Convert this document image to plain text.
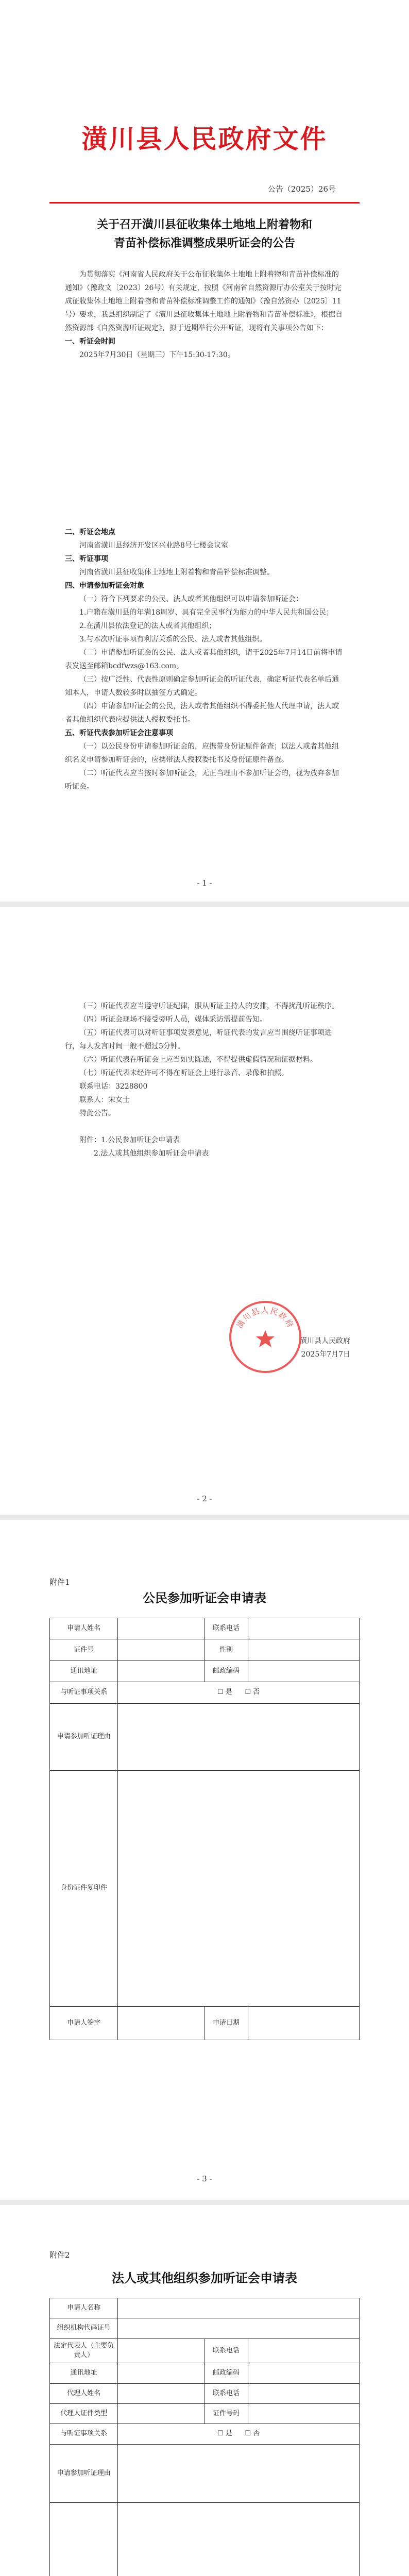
潢川县人民政府文件
公告（2025）26号
关于召开潢川县征收集体土地地上附着物和
青苗补偿标准调整成果听证会的公告

为贯彻落实《河南省人民政府关于公布征收集体土地地上附着物和青苗补偿标准的通知》（豫政文〔2023〕26号）有关规定，按照《河南省自然资源厅办公室关于按时完成征收集体土地地上附着物和青苗补偿标准调整工作的通知》（豫自然资办〔2025〕11号）要求，我县组织制定了《潢川县征收集体土地地上附着物和青苗补偿标准》，根据自然资源部《自然资源听证规定》，拟于近期举行公开听证，现将有关事项公告如下：

一、听证会时间

2025年7月30日（星期三）下午15:30-17:30。

二、听证会地点

河南省潢川县经济开发区兴业路8号七楼会议室

三、听证事项

河南省潢川县征收集体土地地上附着物和青苗补偿标准调整。

四、申请参加听证会对象

（一）符合下列要求的公民、法人或者其他组织可以申请参加听证会：

1.户籍在潢川县的年满18周岁、具有完全民事行为能力的中华人民共和国公民；

2.在潢川县依法登记的法人或者其他组织；

3.与本次听证事项有利害关系的公民、法人或者其他组织。

（二）申请参加听证会的公民、法人或者其他组织，请于2025年7月14日前将申请表发送至邮箱bcdfwzs@163.com。

（三）按广泛性、代表性原则确定参加听证会的听证代表，确定听证代表名单后通知本人，申请人数较多时以抽签方式确定。

（四）申请参加听证会的公民，法人或者其他组织不得委托他人代理申请，法人或者其他组织代表应提供法人授权委托书。

五、听证代表参加听证会注意事项

（一）以公民身份申请参加听证会的，应携带身份证原件备查；以法人或者其他组织名义申请参加听证会的，应携带法人授权委托书及身份证原件备查。

（二）听证代表应当按时参加听证会，无正当理由不参加听证会的，视为放弃参加听证会。

- 1 -

（三）听证代表应当遵守听证纪律，服从听证主持人的安排，不得扰乱听证秩序。

（四）听证会现场不接受旁听人员，媒体采访需提前告知。

（五）听证代表可以对听证事项发表意见，听证代表的发言应当围绕听证事项进行，每人发言时间一般不超过5分钟。

（六）听证代表在听证会上应当如实陈述，不得提供虚假情况和证据材料。

（七）听证代表未经许可不得在听证会上进行录音、录像和拍照。

联系电话：3228800

联系人：宋女士

特此公告。

附件：1.公民参加听证会申请表

2.法人或其他组织参加听证会申请表

潢川县人民政府

2025年7月7日

潢川县人民政府
- 2 -
附件1
公民参加听证会申请表
申请人姓名		联系电话	
证件号		性别	
通讯地址		邮政编码	
与听证事项关系	☐ 是 ☐ 否		
申请参加听证理由			
身份证件复印件			
申请人签字		申请日期	
- 3 -
附件2
法人或其他组织参加听证会申请表
申请人名称			
组织机构代码证号			
法定代表人（主要负责人）		联系电话	
通讯地址		邮政编码	
代理人姓名		联系电话	
代理人证件类型		证件号码	
与听证事项关系	☐ 是 ☐ 否		
申请参加听证理由			
